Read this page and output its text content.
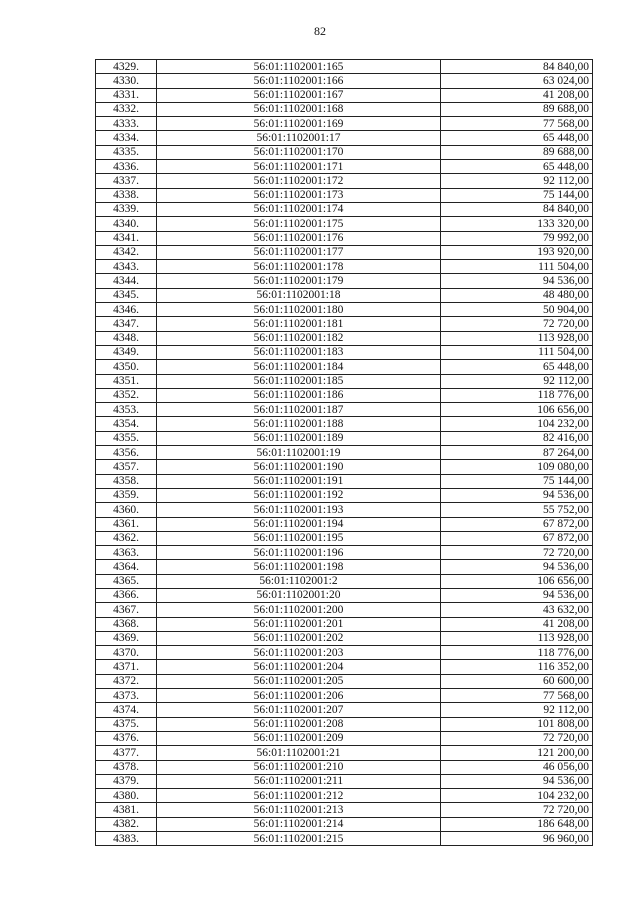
82
4329.	56:01:1102001:165	84 840,00
4330.	56:01:1102001:166	63 024,00
4331.	56:01:1102001:167	41 208,00
4332.	56:01:1102001:168	89 688,00
4333.	56:01:1102001:169	77 568,00
4334.	56:01:1102001:17	65 448,00
4335.	56:01:1102001:170	89 688,00
4336.	56:01:1102001:171	65 448,00
4337.	56:01:1102001:172	92 112,00
4338.	56:01:1102001:173	75 144,00
4339.	56:01:1102001:174	84 840,00
4340.	56:01:1102001:175	133 320,00
4341.	56:01:1102001:176	79 992,00
4342.	56:01:1102001:177	193 920,00
4343.	56:01:1102001:178	111 504,00
4344.	56:01:1102001:179	94 536,00
4345.	56:01:1102001:18	48 480,00
4346.	56:01:1102001:180	50 904,00
4347.	56:01:1102001:181	72 720,00
4348.	56:01:1102001:182	113 928,00
4349.	56:01:1102001:183	111 504,00
4350.	56:01:1102001:184	65 448,00
4351.	56:01:1102001:185	92 112,00
4352.	56:01:1102001:186	118 776,00
4353.	56:01:1102001:187	106 656,00
4354.	56:01:1102001:188	104 232,00
4355.	56:01:1102001:189	82 416,00
4356.	56:01:1102001:19	87 264,00
4357.	56:01:1102001:190	109 080,00
4358.	56:01:1102001:191	75 144,00
4359.	56:01:1102001:192	94 536,00
4360.	56:01:1102001:193	55 752,00
4361.	56:01:1102001:194	67 872,00
4362.	56:01:1102001:195	67 872,00
4363.	56:01:1102001:196	72 720,00
4364.	56:01:1102001:198	94 536,00
4365.	56:01:1102001:2	106 656,00
4366.	56:01:1102001:20	94 536,00
4367.	56:01:1102001:200	43 632,00
4368.	56:01:1102001:201	41 208,00
4369.	56:01:1102001:202	113 928,00
4370.	56:01:1102001:203	118 776,00
4371.	56:01:1102001:204	116 352,00
4372.	56:01:1102001:205	60 600,00
4373.	56:01:1102001:206	77 568,00
4374.	56:01:1102001:207	92 112,00
4375.	56:01:1102001:208	101 808,00
4376.	56:01:1102001:209	72 720,00
4377.	56:01:1102001:21	121 200,00
4378.	56:01:1102001:210	46 056,00
4379.	56:01:1102001:211	94 536,00
4380.	56:01:1102001:212	104 232,00
4381.	56:01:1102001:213	72 720,00
4382.	56:01:1102001:214	186 648,00
4383.	56:01:1102001:215	96 960,00
